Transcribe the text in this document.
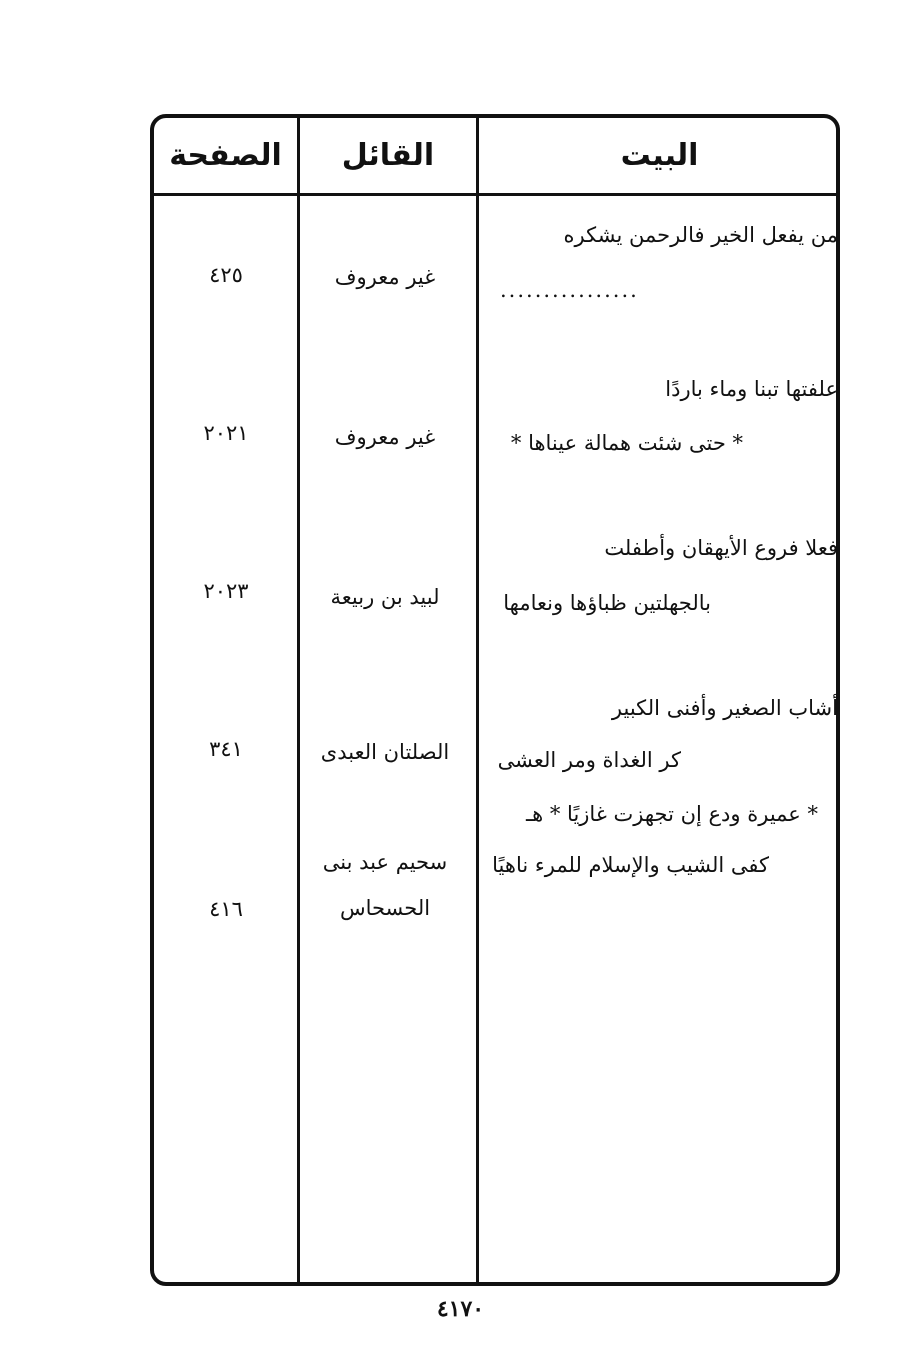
البيت
القائل
الصفحة
من يفعل الخير فالرحمن يشكره
................
غير معروف
٤٢٥
علفتها تبنا وماء باردًا
* حتى شئت همالة عيناها *
غير معروف
٢٠٢١
فعلا فروع الأيهقان وأطفلت
بالجهلتين ظباؤها ونعامها
لبيد بن ربيعة
٢٠٢٣
أشاب الصغير وأفنى الكبير
كر الغداة ومر العشى
الصلتان العبدى
٣٤١
* عميرة ودع إن تجهزت غازيًا * هـ
كفى الشيب والإسلام للمرء ناهيًا
سحيم عبد بنى
الحسحاس
٤١٦
٤١٧٠
